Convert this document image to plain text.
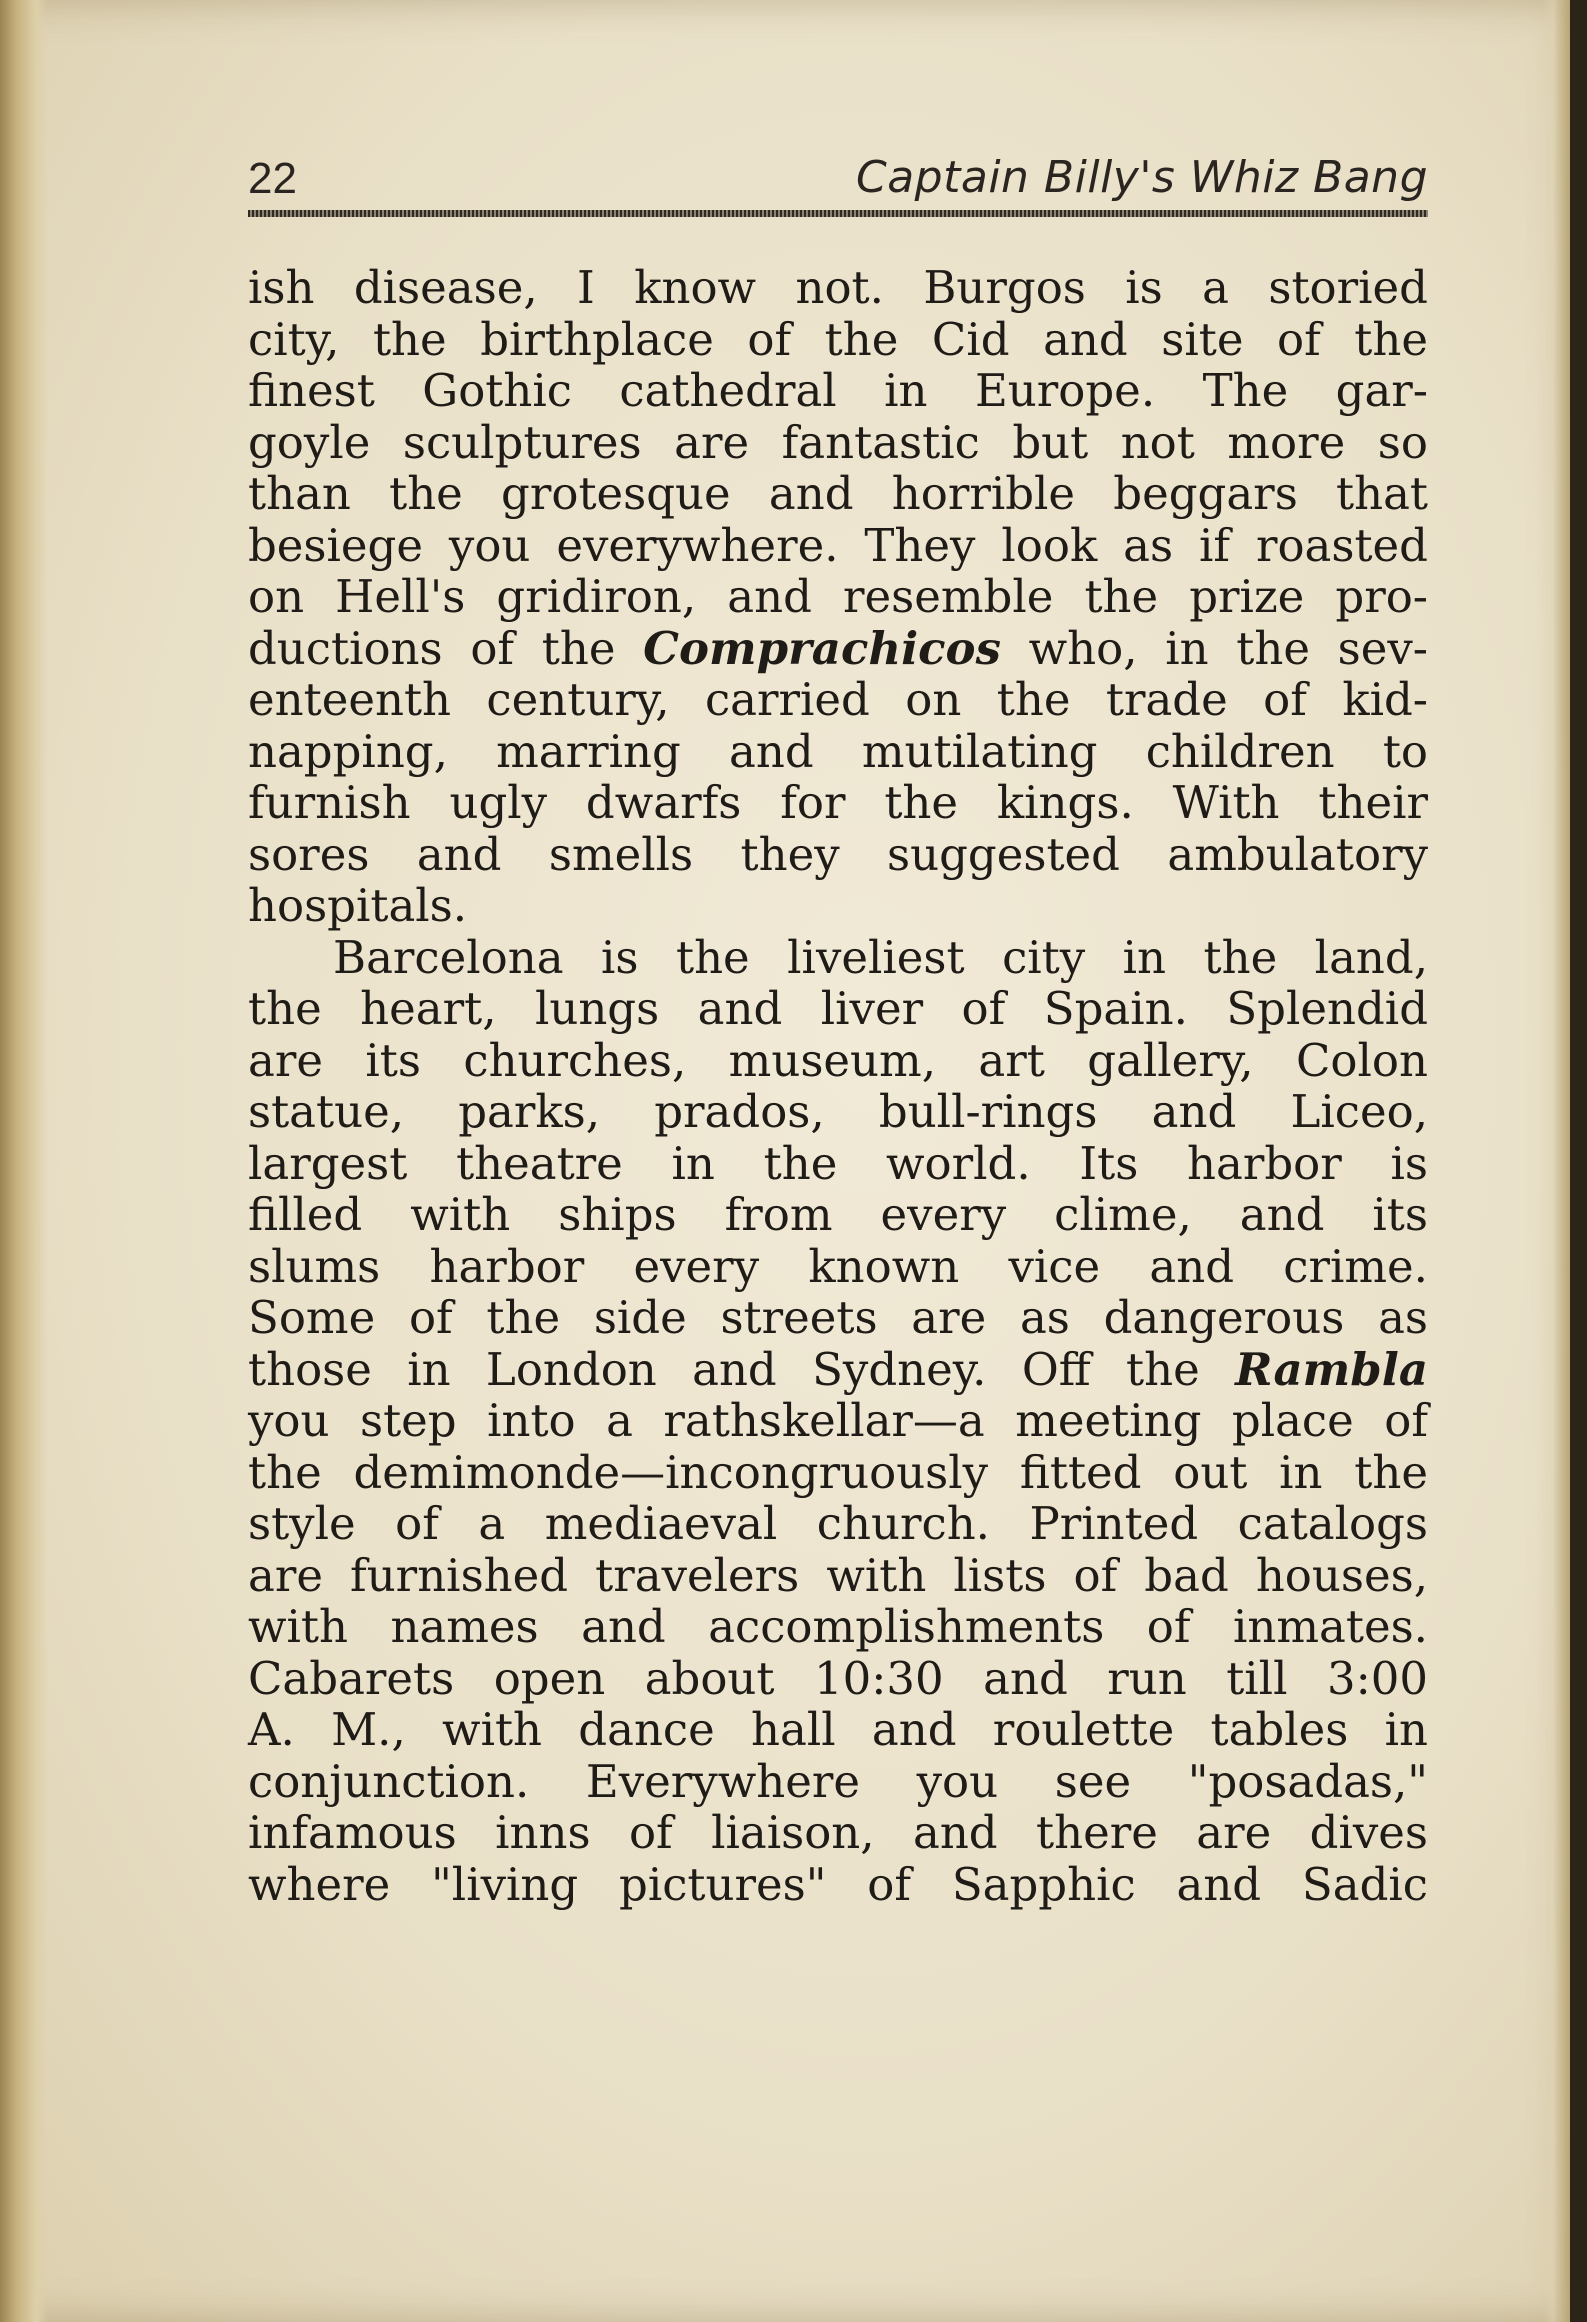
22	Captain Billy's Whiz Bang
ish disease, I know not. Burgos is a storied
city, the birthplace of the Cid and site of the
finest Gothic cathedral in Europe. The gar-
goyle sculptures are fantastic but not more so
than the grotesque and horrible beggars that
besiege you everywhere. They look as if roasted
on Hell's gridiron, and resemble the prize pro-
ductions of the Comprachicos who, in the sev-
enteenth century, carried on the trade of kid-
napping, marring and mutilating children to
furnish ugly dwarfs for the kings. With their
sores and smells they suggested ambulatory
hospitals.
Barcelona is the liveliest city in the land,
the heart, lungs and liver of Spain. Splendid
are its churches, museum, art gallery, Colon
statue, parks, prados, bull-rings and Liceo,
largest theatre in the world. Its harbor is
filled with ships from every clime, and its
slums harbor every known vice and crime.
Some of the side streets are as dangerous as
those in London and Sydney. Off the Rambla
you step into a rathskellar—a meeting place of
the demimonde—incongruously fitted out in the
style of a mediaeval church. Printed catalogs
are furnished travelers with lists of bad houses,
with names and accomplishments of inmates.
Cabarets open about 10:30 and run till 3:00
A. M., with dance hall and roulette tables in
conjunction. Everywhere you see "posadas,"
infamous inns of liaison, and there are dives
where "living pictures" of Sapphic and Sadic
